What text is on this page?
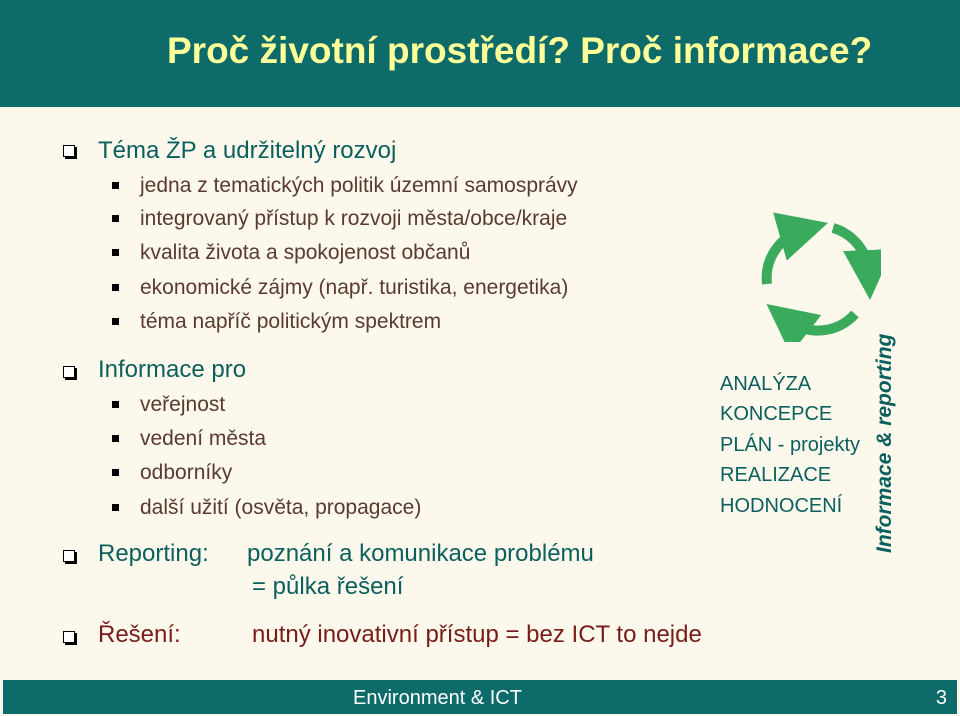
Proč životní prostředí? Proč informace?
Téma ŽP a udržitelný rozvoj
jedna z tematických politik územní samosprávy
integrovaný přístup k rozvoji města/obce/kraje
kvalita života a spokojenost občanů
ekonomické zájmy (např. turistika, energetika)
téma napříč politickým spektrem
Informace pro
veřejnost
vedení města
odborníky
další užití (osvěta, propagace)
Reporting: poznání a komunikace problému
= půlka řešení
Řešení:	nutný inovativní přístup = bez ICT to nejde
ANALÝZA
KONCEPCE
PLÁN - projekty
REALIZACE
HODNOCENÍ Informace & reporting
Environment & ICT	3
